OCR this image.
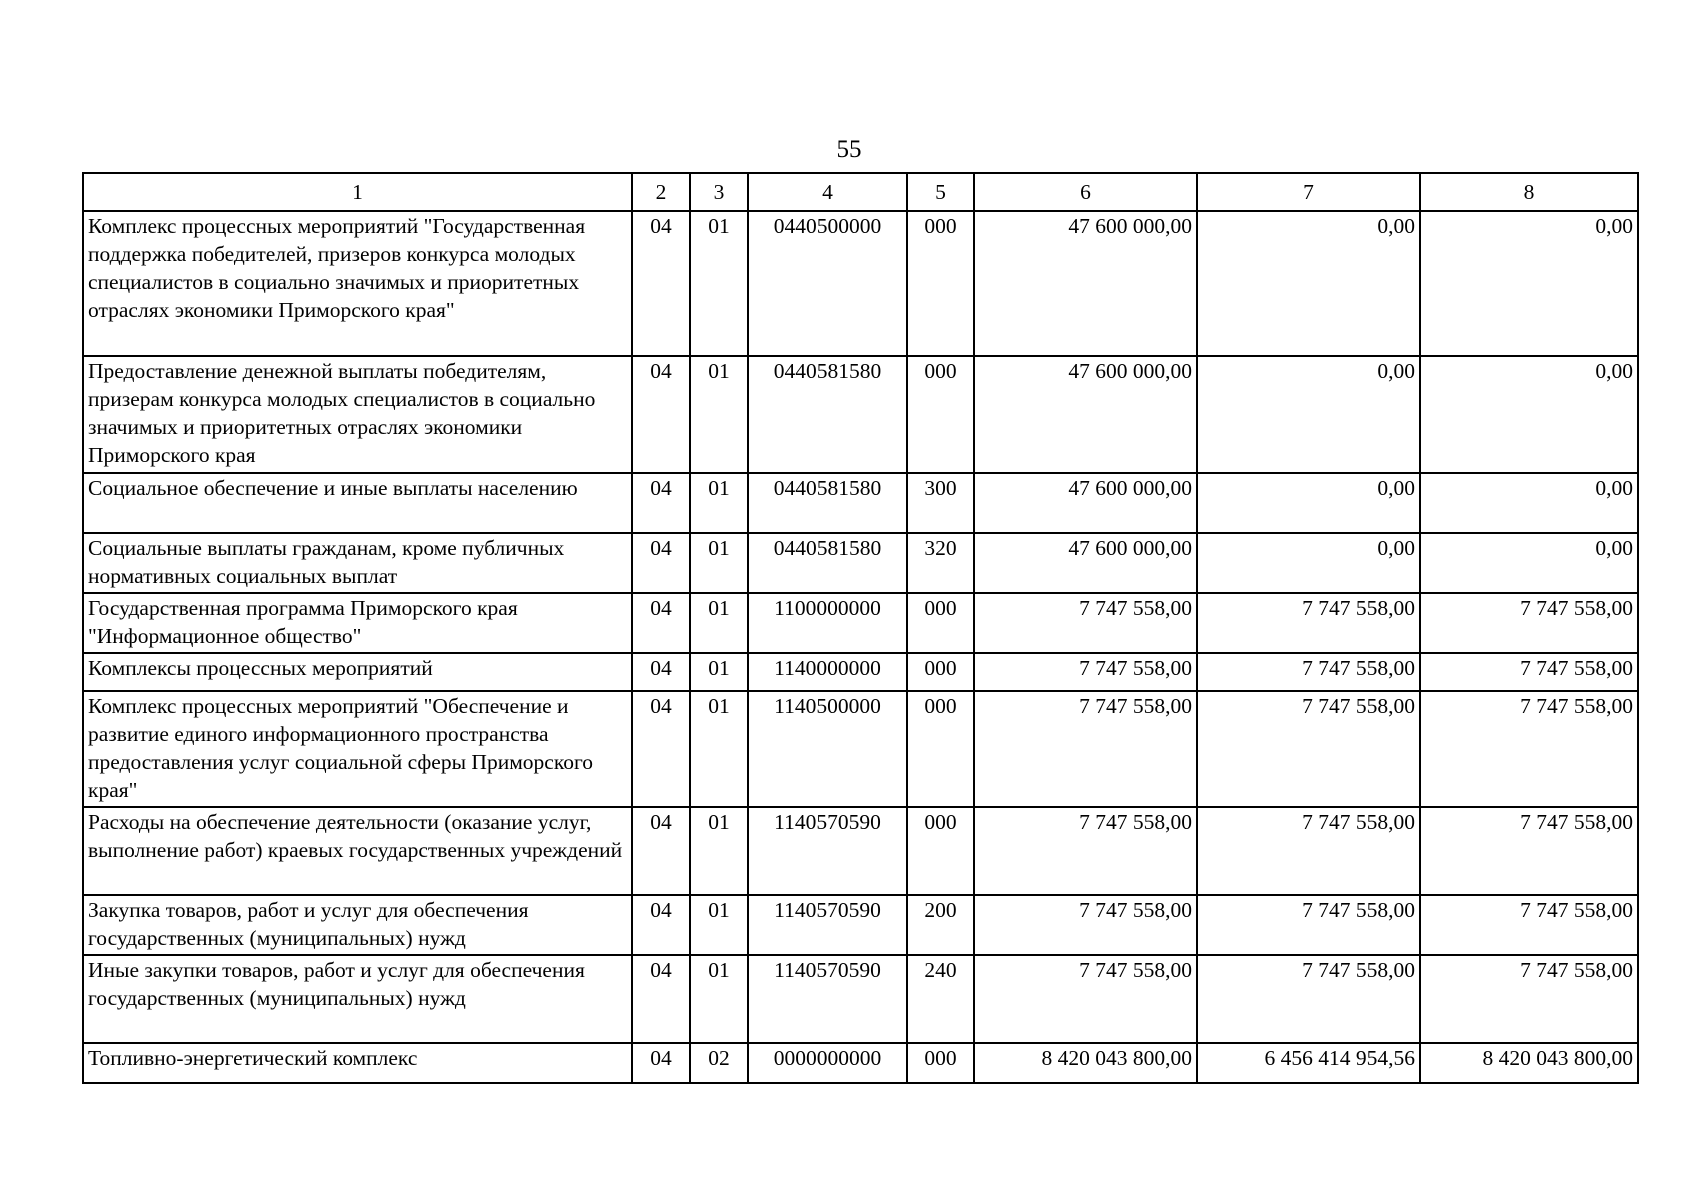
55
1	2	3	4	5	6	7	8
Комплекс процессных мероприятий "Государственная поддержка победителей, призеров конкурса молодых специалистов в социально значимых и приоритетных отраслях экономики Приморского края"	04	01	0440500000	000	47 600 000,00	0,00	0,00
Предоставление денежной выплаты победителям, призерам конкурса молодых специалистов в социально значимых и приоритетных отраслях экономики Приморского края	04	01	0440581580	000	47 600 000,00	0,00	0,00
Социальное обеспечение и иные выплаты населению	04	01	0440581580	300	47 600 000,00	0,00	0,00
Социальные выплаты гражданам, кроме публичных нормативных социальных выплат	04	01	0440581580	320	47 600 000,00	0,00	0,00
Государственная программа Приморского края "Информационное общество"	04	01	1100000000	000	7 747 558,00	7 747 558,00	7 747 558,00
Комплексы процессных мероприятий	04	01	1140000000	000	7 747 558,00	7 747 558,00	7 747 558,00
Комплекс процессных мероприятий "Обеспечение и развитие единого информационного пространства предоставления услуг социальной сферы Приморского края"	04	01	1140500000	000	7 747 558,00	7 747 558,00	7 747 558,00
Расходы на обеспечение деятельности (оказание услуг, выполнение работ) краевых государственных учреждений	04	01	1140570590	000	7 747 558,00	7 747 558,00	7 747 558,00
Закупка товаров, работ и услуг для обеспечения государственных (муниципальных) нужд	04	01	1140570590	200	7 747 558,00	7 747 558,00	7 747 558,00
Иные закупки товаров, работ и услуг для обеспечения государственных (муниципальных) нужд	04	01	1140570590	240	7 747 558,00	7 747 558,00	7 747 558,00
Топливно-энергетический комплекс	04	02	0000000000	000	8 420 043 800,00	6 456 414 954,56	8 420 043 800,00
